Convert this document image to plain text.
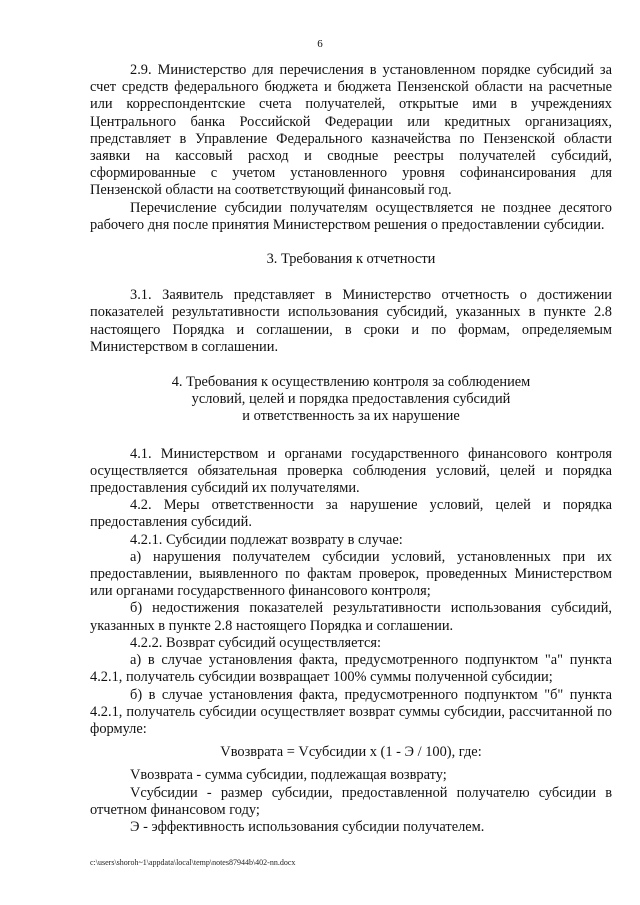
6

2.9. Министерство для перечисления в установленном порядке субсидий за счет средств федерального бюджета и бюджета Пензенской области на расчетные или корреспондентские счета получателей, открытые ими в учреждениях Центрального банка Российской Федерации или кредитных организациях, представляет в Управление Федерального казначейства по Пензенской области заявки на кассовый расход и сводные реестры получателей субсидий, сформированные с учетом установленного уровня софинансирования для Пензенской области на соответствующий финансовый год.

Перечисление субсидии получателям осуществляется не позднее десятого рабочего дня после принятия Министерством решения о предоставлении субсидии.

3. Требования к отчетности

3.1. Заявитель представляет в Министерство отчетность о достижении показателей результативности использования субсидий, указанных в пункте 2.8 настоящего Порядка и соглашении, в сроки и по формам, определяемым Министерством в соглашении.

4. Требования к осуществлению контроля за соблюдением

условий, целей и порядка предоставления субсидий

и ответственность за их нарушение

4.1. Министерством и органами государственного финансового контроля осуществляется обязательная проверка соблюдения условий, целей и порядка предоставления субсидий их получателями.

4.2. Меры ответственности за нарушение условий, целей и порядка предоставления субсидий.

4.2.1. Субсидии подлежат возврату в случае:

а) нарушения получателем субсидии условий, установленных при их предоставлении, выявленного по фактам проверок, проведенных Министерством или органами государственного финансового контроля;

б) недостижения показателей результативности использования субсидий, указанных в пункте 2.8 настоящего Порядка и соглашении.

4.2.2. Возврат субсидий осуществляется:

а) в случае установления факта, предусмотренного подпунктом "а" пункта 4.2.1, получатель субсидии возвращает 100% суммы полученной субсидии;

б) в случае установления факта, предусмотренного подпунктом "б" пункта 4.2.1, получатель субсидии осуществляет возврат суммы субсидии, рассчитанной по формуле:

Vвозврата = Vсубсидии x (1 - Э / 100), где:

Vвозврата - сумма субсидии, подлежащая возврату;

Vсубсидии - размер субсидии, предоставленной получателю субсидии в отчетном финансовом году;

Э - эффективность использования субсидии получателем.

c:\users\shoroh~1\appdata\local\temp\notes87944b\402-nn.docx
